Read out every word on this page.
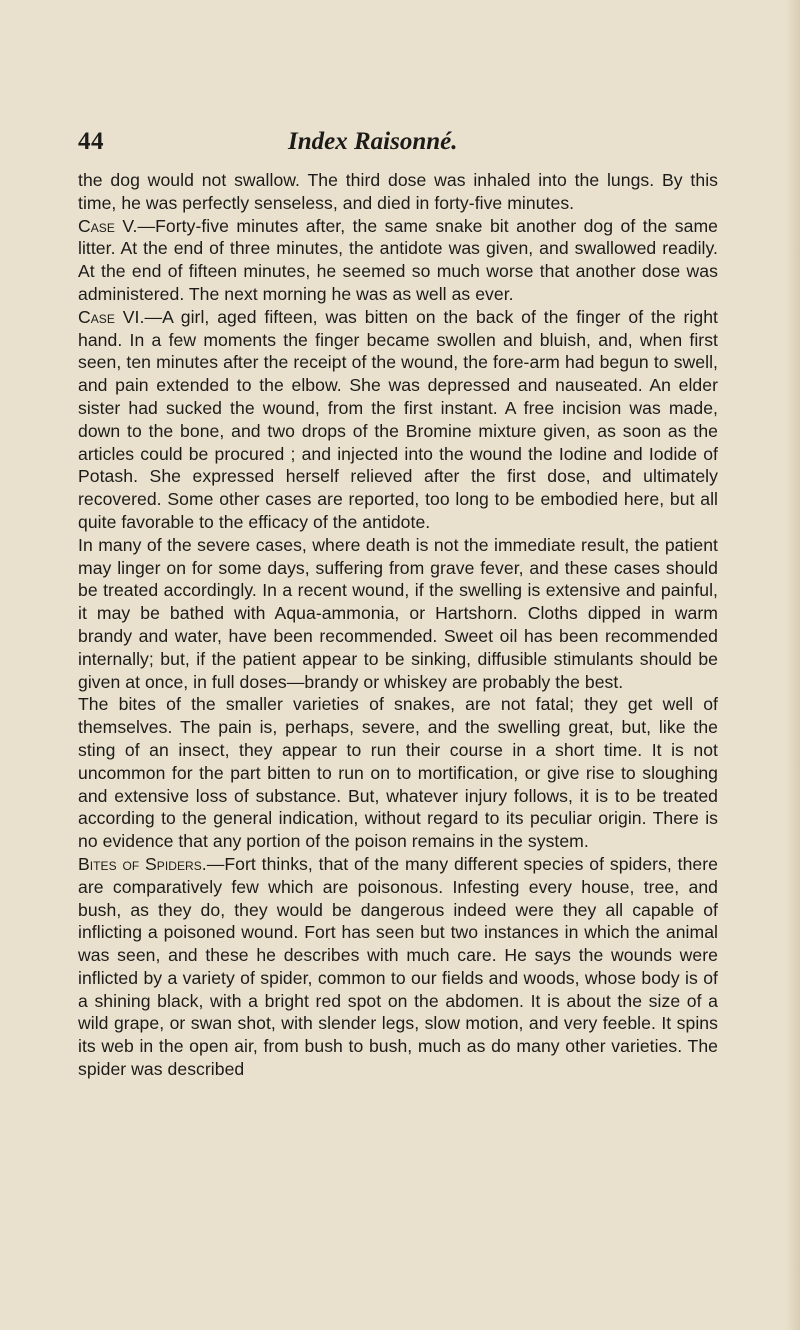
44	Index Raisonné.

the dog would not swallow. The third dose was inhaled into the lungs. By this time, he was perfectly senseless, and died in forty-five minutes.

Case V.—Forty-five minutes after, the same snake bit another dog of the same litter. At the end of three minutes, the antidote was given, and swallowed readily. At the end of fifteen minutes, he seemed so much worse that another dose was administered. The next morning he was as well as ever.

Case VI.—A girl, aged fifteen, was bitten on the back of the finger of the right hand. In a few moments the finger became swollen and bluish, and, when first seen, ten minutes after the receipt of the wound, the fore-arm had begun to swell, and pain extended to the elbow. She was depressed and nauseated. An elder sister had sucked the wound, from the first instant. A free incision was made, down to the bone, and two drops of the Bromine mixture given, as soon as the articles could be procured ; and injected into the wound the Iodine and Iodide of Potash. She expressed herself relieved after the first dose, and ultimately recovered. Some other cases are reported, too long to be embodied here, but all quite favorable to the efficacy of the antidote.

In many of the severe cases, where death is not the immediate result, the patient may linger on for some days, suffering from grave fever, and these cases should be treated accordingly. In a recent wound, if the swelling is extensive and painful, it may be bathed with Aqua-ammonia, or Hartshorn. Cloths dipped in warm brandy and water, have been recommended. Sweet oil has been recommended internally; but, if the patient appear to be sinking, diffusible stimulants should be given at once, in full doses—brandy or whiskey are probably the best.

The bites of the smaller varieties of snakes, are not fatal; they get well of themselves. The pain is, perhaps, severe, and the swelling great, but, like the sting of an insect, they appear to run their course in a short time. It is not uncommon for the part bitten to run on to mortification, or give rise to sloughing and extensive loss of substance. But, whatever injury follows, it is to be treated according to the general indication, without regard to its peculiar origin. There is no evidence that any portion of the poison remains in the system.

Bites of Spiders.—Fort thinks, that of the many different species of spiders, there are comparatively few which are poisonous. Infesting every house, tree, and bush, as they do, they would be dangerous indeed were they all capable of inflicting a poisoned wound. Fort has seen but two instances in which the animal was seen, and these he describes with much care. He says the wounds were inflicted by a variety of spider, common to our fields and woods, whose body is of a shining black, with a bright red spot on the abdomen. It is about the size of a wild grape, or swan shot, with slender legs, slow motion, and very feeble. It spins its web in the open air, from bush to bush, much as do many other varieties. The spider was described
